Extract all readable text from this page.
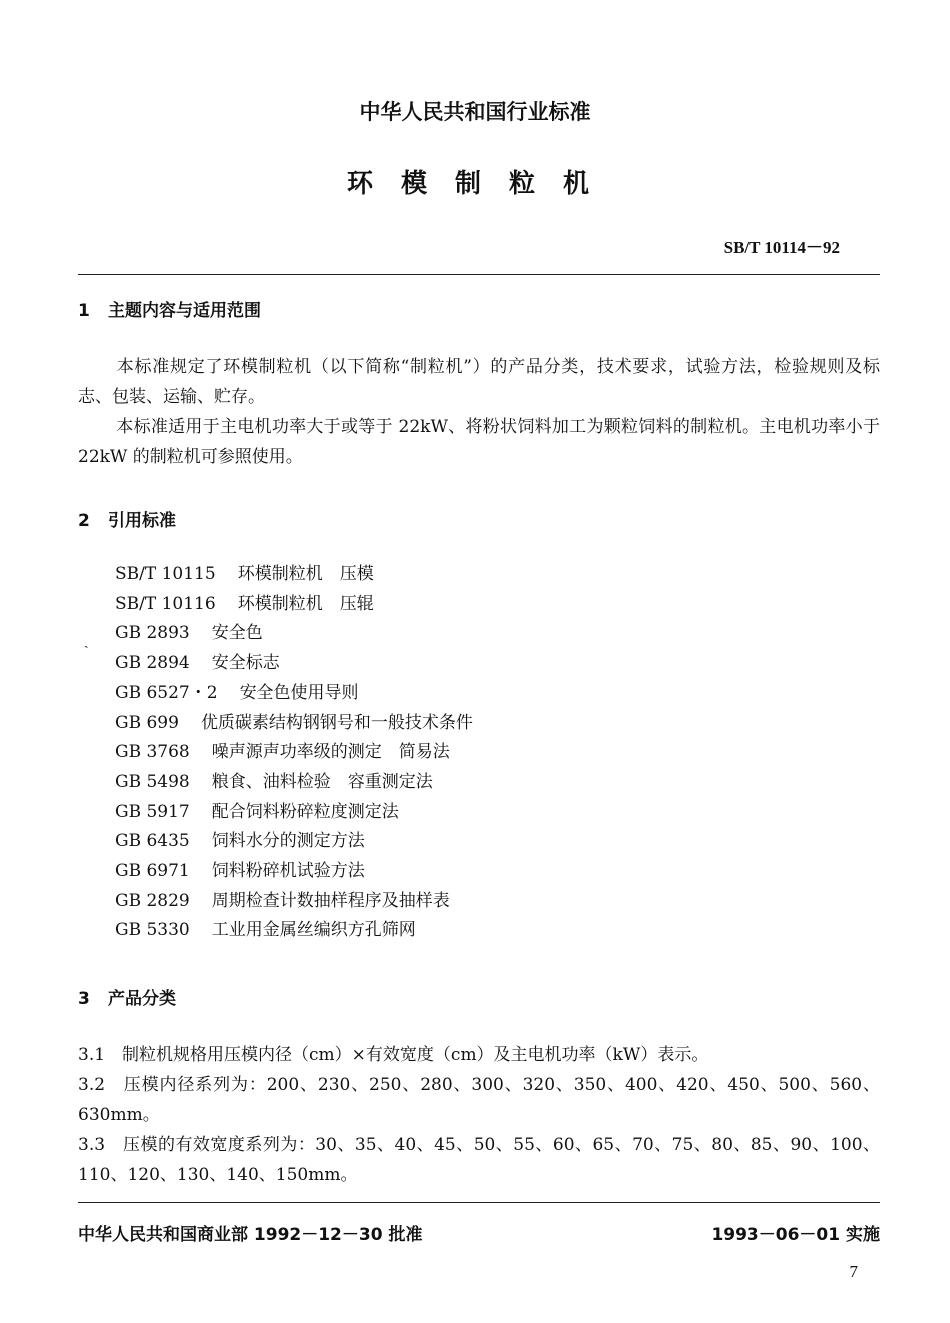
中华人民共和国行业标准
环模制粒机
SB/T 10114－92
1 主题内容与适用范围
本标准规定了环模制粒机（以下简称“制粒机”）的产品分类，技术要求，试验方法，检验规则及标志、包装、运输、贮存。
本标准适用于主电机功率大于或等于 22kW、将粉状饲料加工为颗粒饲料的制粒机。主电机功率小于 22kW 的制粒机可参照使用。
2 引用标准
ˏ
SB/T 10115 环模制粒机　压模
SB/T 10116 环模制粒机　压辊
GB 2893 安全色
GB 2894 安全标志
GB 6527・2 安全色使用导则
GB 699 优质碳素结构钢钢号和一般技术条件
GB 3768 噪声源声功率级的测定　简易法
GB 5498 粮食、油料检验　容重测定法
GB 5917 配合饲料粉碎粒度测定法
GB 6435 饲料水分的测定方法
GB 6971 饲料粉碎机试验方法
GB 2829 周期检查计数抽样程序及抽样表
GB 5330 工业用金属丝编织方孔筛网
3 产品分类
3.1　制粒机规格用压模内径（cm）×有效宽度（cm）及主电机功率（kW）表示。
3.2　压模内径系列为：200、230、250、280、300、320、350、400、420、450、500、560、630mm。
3.3　压模的有效宽度系列为：30、35、40、45、50、55、60、65、70、75、80、85、90、100、110、120、130、140、150mm。
中华人民共和国商业部 1992－12－30 批准	1993－06－01 实施
7
